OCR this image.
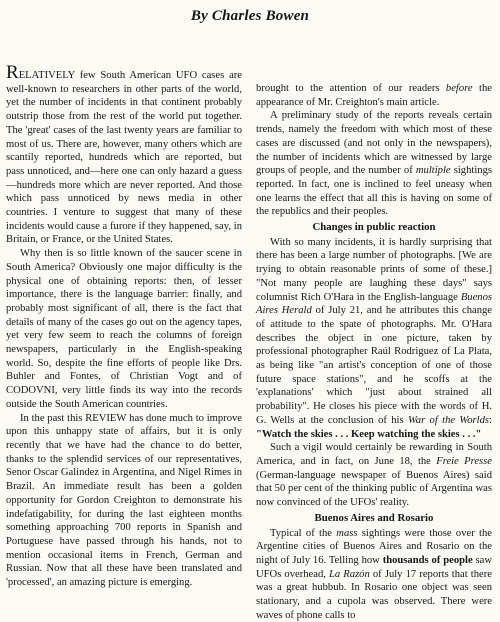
By Charles Bowen

RELATIVELY few South American UFO cases are well-known to researchers in other parts of the world, yet the number of incidents in that continent probably outstrip those from the rest of the world put together. The 'great' cases of the last twenty years are familiar to most of us. There are, however, many others which are scantily reported, hundreds which are reported, but pass unnoticed, and—here one can only hazard a guess—hundreds more which are never reported. And those which pass unnoticed by news media in other countries. I venture to suggest that many of these incidents would cause a furore if they happened, say, in Britain, or France, or the United States.

Why then is so little known of the saucer scene in South America? Obviously one major difficulty is the physical one of obtaining reports: then, of lesser importance, there is the language barrier: finally, and probably most significant of all, there is the fact that details of many of the cases go out on the agency tapes, yet very few seem to reach the columns of foreign newspapers, particularly in the English-speaking world. So, despite the fine efforts of people like Drs. Buhler and Fontes, of Christian Vogt and of CODOVNI, very little finds its way into the records outside the South American countries.

In the past this REVIEW has done much to improve upon this unhappy state of affairs, but it is only recently that we have had the chance to do better, thanks to the splendid services of our representatives, Senor Oscar Galindez in Argentina, and Nigel Rimes in Brazil. An immediate result has been a golden opportunity for Gordon Creighton to demonstrate his indefatigability, for during the last eighteen months something approaching 700 reports in Spanish and Portuguese have passed through his hands, not to mention occasional items in French, German and Russian. Now that all these have been translated and 'processed', an amazing picture is emerging.

brought to the attention of our readers before the appearance of Mr. Creighton's main article.

A preliminary study of the reports reveals certain trends, namely the freedom with which most of these cases are discussed (and not only in the newspapers), the number of incidents which are witnessed by large groups of people, and the number of multiple sightings reported. In fact, one is inclined to feel uneasy when one learns the effect that all this is having on some of the republics and their peoples.

Changes in public reaction

With so many incidents, it is hardly surprising that there has been a large number of photographs. [We are trying to obtain reasonable prints of some of these.] "Not many people are laughing these days" says columnist Rich O'Hara in the English-language Buenos Aires Herald of July 21, and he attributes this change of attitude to the spate of photographs. Mr. O'Hara describes the object in one picture, taken by professional photographer Raúl Rodriguez of La Plata, as being like "an artist's conception of one of those future space stations", and he scoffs at the 'explanations' which "just about strained all probability". He closes his piece with the words of H. G. Wells at the conclusion of his War of the Worlds: "Watch the skies . . . Keep watching the skies . . ."

Such a vigil would certainly be rewarding in South America, and in fact, on June 18, the Freie Presse (German-language newspaper of Buenos Aires) said that 50 per cent of the thinking public of Argentina was now convinced of the UFOs' reality.

Buenos Aires and Rosario

Typical of the mass sightings were those over the Argentine cities of Buenos Aires and Rosario on the night of July 16. Telling how thousands of people saw UFOs overhead, La Razón of July 17 reports that there was a great hubbub. In Rosario one object was seen stationary, and a cupola was observed. There were waves of phone calls to
